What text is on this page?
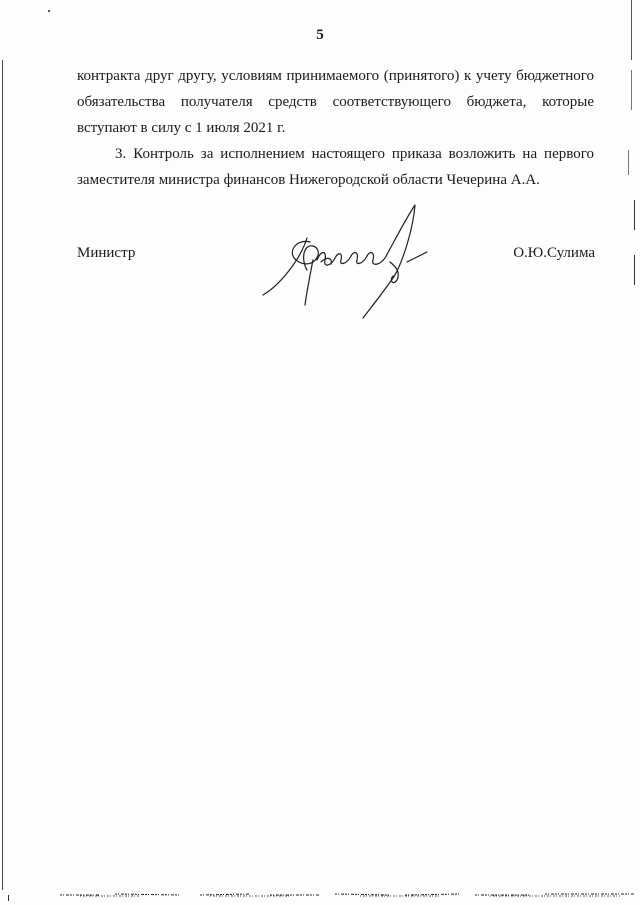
5
контракта друг другу, условиям принимаемого (принятого) к учету бюджетного
обязательства получателя средств соответствующего бюджета, которые
вступают в силу с 1 июля 2021 г.
3. Контроль за исполнением настоящего приказа возложить на первого
заместителя министра финансов Нижегородской области Чечерина А.А.
Министр	О.Ю.Сулима
